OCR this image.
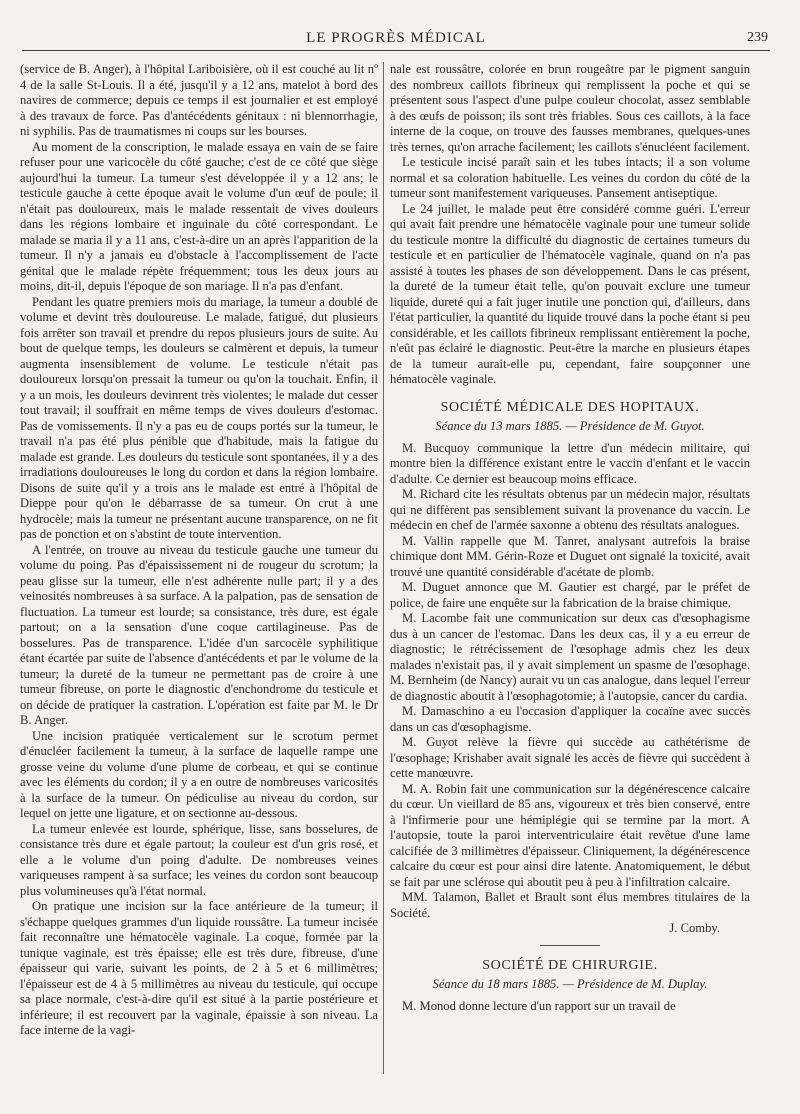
LE PROGRÈS MÉDICAL	239

(service de B. Anger), à l'hôpital Lariboisière, où il est couché au lit nº 4 de la salle St-Louis. Il a été, jusqu'il y a 12 ans, matelot à bord des navires de commerce; depuis ce temps il est journalier et est employé à des travaux de force. Pas d'antécédents génitaux : ni blennorrhagie, ni syphilis. Pas de traumatismes ni coups sur les bourses.

Au moment de la conscription, le malade essaya en vain de se faire refuser pour une varicocèle du côté gauche; c'est de ce côté que siège aujourd'hui la tumeur. La tumeur s'est développée il y a 12 ans; le testicule gauche à cette époque avait le volume d'un œuf de poule; il n'était pas douloureux, mais le malade ressentait de vives douleurs dans les régions lombaire et inguinale du côté correspondant. Le malade se maria il y a 11 ans, c'est-à-dire un an après l'apparition de la tumeur. Il n'y a jamais eu d'obstacle à l'accomplissement de l'acte génital que le malade répète fréquemment; tous les deux jours au moins, dit-il, depuis l'époque de son mariage. Il n'a pas d'enfant.

Pendant les quatre premiers mois du mariage, la tumeur a doublé de volume et devint très douloureuse. Le malade, fatigué, dut plusieurs fois arrêter son travail et prendre du repos plusieurs jours de suite. Au bout de quelque temps, les douleurs se calmèrent et depuis, la tumeur augmenta insensiblement de volume. Le testicule n'était pas douloureux lorsqu'on pressait la tumeur ou qu'on la touchait. Enfin, il y a un mois, les douleurs devinrent très violentes; le malade dut cesser tout travail; il souffrait en même temps de vives douleurs d'estomac. Pas de vomissements. Il n'y a pas eu de coups portés sur la tumeur, le travail n'a pas été plus pénible que d'habitude, mais la fatigue du malade est grande. Les douleurs du testicule sont spontanées, il y a des irradiations douloureuses le long du cordon et dans la région lombaire. Disons de suite qu'il y a trois ans le malade est entré à l'hôpital de Dieppe pour qu'on le débarrasse de sa tumeur. On crut à une hydrocèle; mais la tumeur ne présentant aucune transparence, on ne fit pas de ponction et on s'abstint de toute intervention.

A l'entrée, on trouve au niveau du testicule gauche une tumeur du volume du poing. Pas d'épaississement ni de rougeur du scrotum; la peau glisse sur la tumeur, elle n'est adhérente nulle part; il y a des veinosités nombreuses à sa surface. A la palpation, pas de sensation de fluctuation. La tumeur est lourde; sa consistance, très dure, est égale partout; on a la sensation d'une coque cartilagineuse. Pas de bosselures. Pas de transparence. L'idée d'un sarcocèle syphilitique étant écartée par suite de l'absence d'antécédents et par le volume de la tumeur; la dureté de la tumeur ne permettant pas de croire à une tumeur fibreuse, on porte le diagnostic d'enchondrome du testicule et on décide de pratiquer la castration. L'opération est faite par M. le Dr B. Anger.

Une incision pratiquée verticalement sur le scrotum permet d'énucléer facilement la tumeur, à la surface de laquelle rampe une grosse veine du volume d'une plume de corbeau, et qui se continue avec les éléments du cordon; il y a en outre de nombreuses varicosités à la surface de la tumeur. On pédiculise au niveau du cordon, sur lequel on jette une ligature, et on sectionne au-dessous.

La tumeur enlevée est lourde, sphérique, lisse, sans bosselures, de consistance très dure et égale partout; la couleur est d'un gris rosé, et elle a le volume d'un poing d'adulte. De nombreuses veines variqueuses rampent à sa surface; les veines du cordon sont beaucoup plus volumineuses qu'à l'état normal.

On pratique une incision sur la face antérieure de la tumeur; il s'échappe quelques grammes d'un liquide roussâtre. La tumeur incisée fait reconnaître une hématocèle vaginale. La coque, formée par la tunique vaginale, est très épaisse; elle est très dure, fibreuse, d'une épaisseur qui varie, suivant les points, de 2 à 5 et 6 millimètres; l'épaisseur est de 4 à 5 millimètres au niveau du testicule, qui occupe sa place normale, c'est-à-dire qu'il est situé à la partie postérieure et inférieure; il est recouvert par la vaginale, épaissie à son niveau. La face interne de la vagi-

nale est roussâtre, colorée en brun rougeâtre par le pigment sanguin des nombreux caillots fibrineux qui remplissent la poche et qui se présentent sous l'aspect d'une pulpe couleur chocolat, assez semblable à des œufs de poisson; ils sont très friables. Sous ces caillots, à la face interne de la coque, on trouve des fausses membranes, quelques-unes très ternes, qu'on arrache facilement; les caillots s'énucléent facilement.

Le testicule incisé paraît sain et les tubes intacts; il a son volume normal et sa coloration habituelle. Les veines du cordon du côté de la tumeur sont manifestement variqueuses. Pansement antiseptique.

Le 24 juillet, le malade peut être considéré comme guéri. L'erreur qui avait fait prendre une hématocèle vaginale pour une tumeur solide du testicule montre la difficulté du diagnostic de certaines tumeurs du testicule et en particulier de l'hématocèle vaginale, quand on n'a pas assisté à toutes les phases de son développement. Dans le cas présent, la dureté de la tumeur était telle, qu'on pouvait exclure une tumeur liquide, dureté qui a fait juger inutile une ponction qui, d'ailleurs, dans l'état particulier, la quantité du liquide trouvé dans la poche étant si peu considérable, et les caillots fibrineux remplissant entièrement la poche, n'eût pas éclairé le diagnostic. Peut-être la marche en plusieurs étapes de la tumeur aurait-elle pu, cependant, faire soupçonner une hématocèle vaginale.

SOCIÉTÉ MÉDICALE DES HOPITAUX.
Séance du 13 mars 1885. — Présidence de M. Guyot.

M. Bucquoy communique la lettre d'un médecin militaire, qui montre bien la différence existant entre le vaccin d'enfant et le vaccin d'adulte. Ce dernier est beaucoup moins efficace.

M. Richard cite les résultats obtenus par un médecin major, résultats qui ne diffèrent pas sensiblement suivant la provenance du vaccin. Le médecin en chef de l'armée saxonne a obtenu des résultats analogues.

M. Vallin rappelle que M. Tanret, analysant autrefois la braise chimique dont MM. Gérin-Roze et Duguet ont signalé la toxicité, avait trouvé une quantité considérable d'acétate de plomb.

M. Duguet annonce que M. Gautier est chargé, par le préfet de police, de faire une enquête sur la fabrication de la braise chimique.

M. Lacombe fait une communication sur deux cas d'œsophagisme dus à un cancer de l'estomac. Dans les deux cas, il y a eu erreur de diagnostic; le rétrécissement de l'œsophage admis chez les deux malades n'existait pas, il y avait simplement un spasme de l'œsophage. M. Bernheim (de Nancy) aurait vu un cas analogue, dans lequel l'erreur de diagnostic aboutit à l'œsophagotomie; à l'autopsie, cancer du cardia.

M. Damaschino a eu l'occasion d'appliquer la cocaïne avec succès dans un cas d'œsophagisme.

M. Guyot relève la fièvre qui succède au cathétérisme de l'œsophage; Krishaber avait signalé les accès de fièvre qui succèdent à cette manœuvre.

M. A. Robin fait une communication sur la dégénérescence calcaire du cœur. Un vieillard de 85 ans, vigoureux et très bien conservé, entre à l'infirmerie pour une hémiplégie qui se termine par la mort. A l'autopsie, toute la paroi interventriculaire était revêtue d'une lame calcifiée de 3 millimètres d'épaisseur. Cliniquement, la dégénérescence calcaire du cœur est pour ainsi dire latente. Anatomiquement, le début se fait par une sclérose qui aboutit peu à peu à l'infiltration calcaire.

MM. Talamon, Ballet et Brault sont élus membres titulaires de la Société.

J. Comby.
SOCIÉTÉ DE CHIRURGIE.
Séance du 18 mars 1885. — Présidence de M. Duplay.

M. Monod donne lecture d'un rapport sur un travail de
